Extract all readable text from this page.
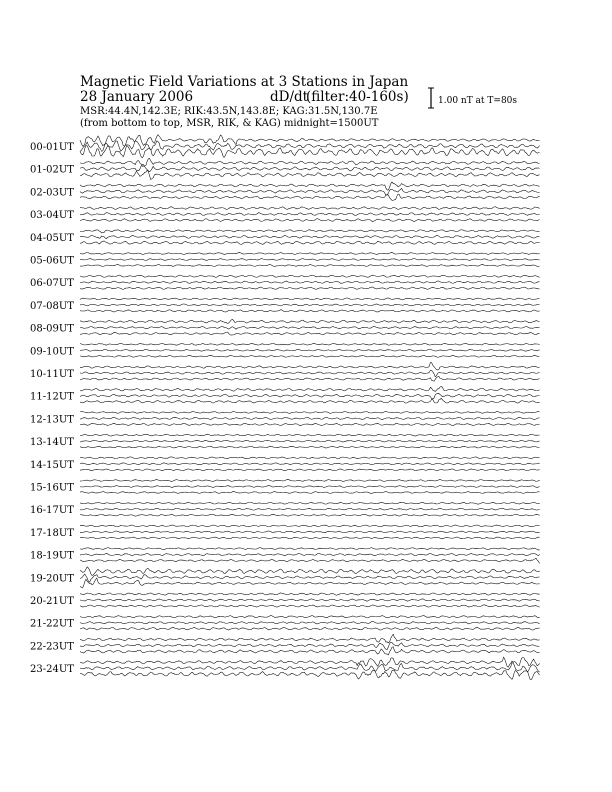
Magnetic Field Variations at 3 Stations in Japan
28 January 2006	dD/dt
(filter:40-160s)
MSR:44.4N,142.3E; RIK:43.5N,143.8E; KAG:31.5N,130.7E
(from bottom to top, MSR, RIK, & KAG) midnight=1500UT
1.00 nT at T=80s
00-01UT
01-02UT
02-03UT
03-04UT
04-05UT
05-06UT
06-07UT
07-08UT
08-09UT
09-10UT
10-11UT
11-12UT
12-13UT
13-14UT
14-15UT
15-16UT
16-17UT
17-18UT
18-19UT
19-20UT
20-21UT
21-22UT
22-23UT
23-24UT
